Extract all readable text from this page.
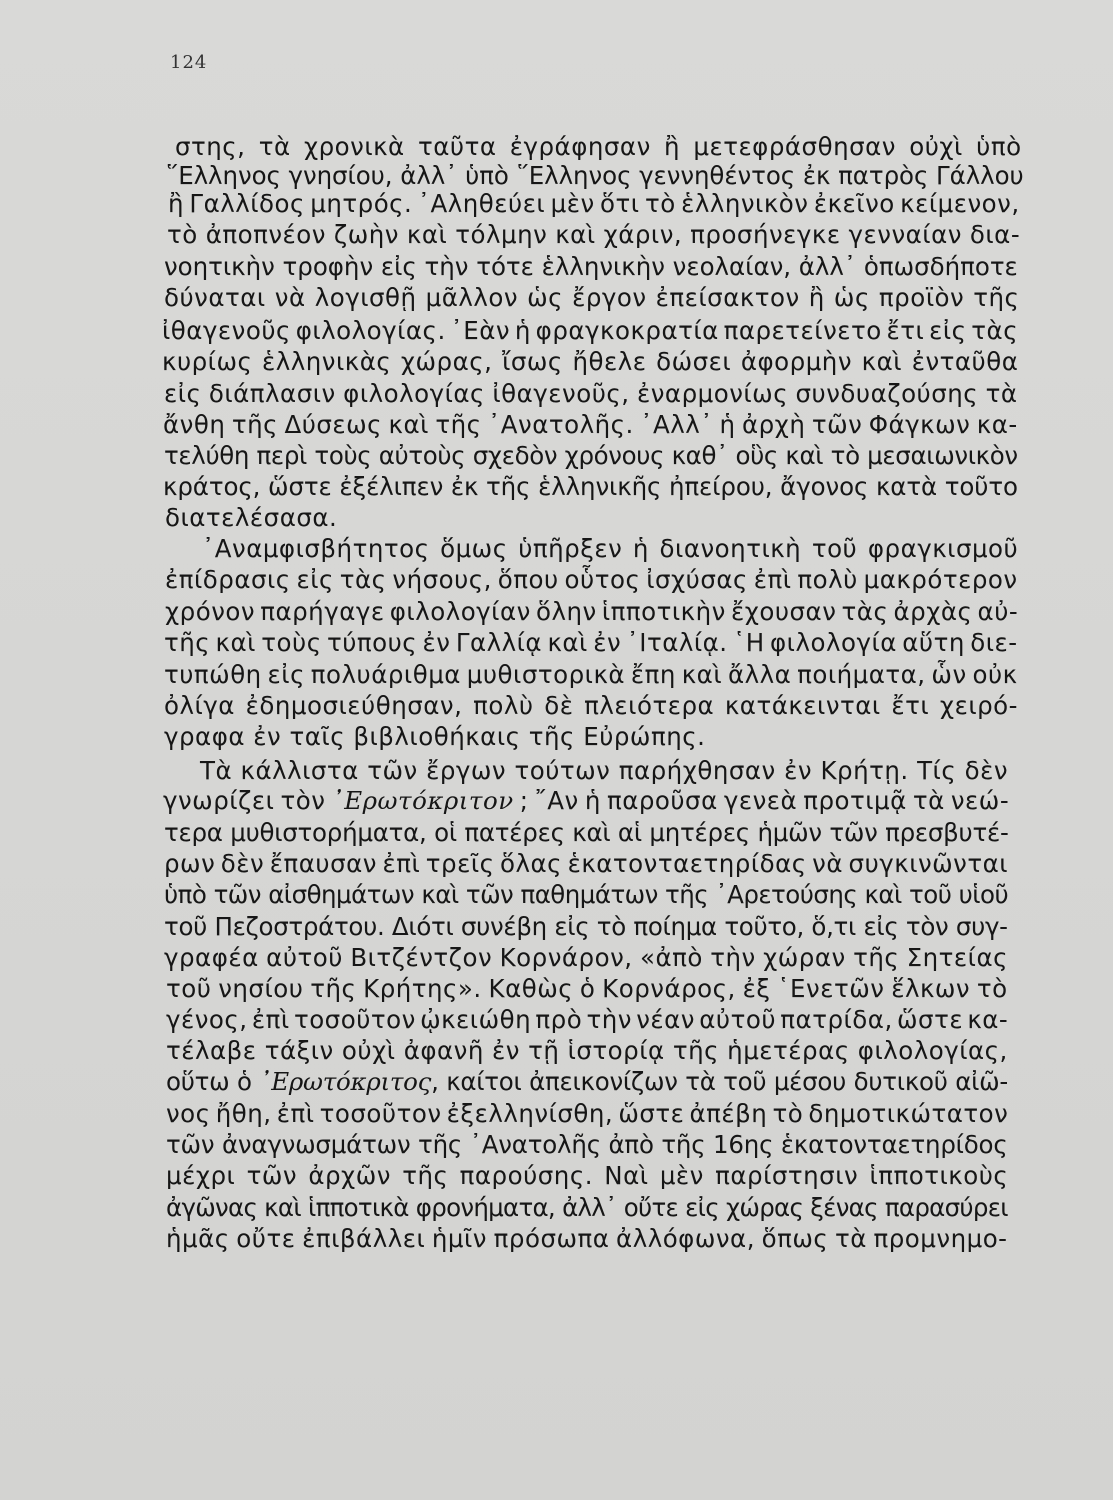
124
στης, τὰ χρονικὰ ταῦτα ἐγράφησαν ἢ μετεφράσθησαν οὐχὶ ὑπὸ
῞Ελληνος γνησίου, ἀλλ᾽ ὑπὸ ῞Ελληνος γεννηθέντος ἐκ πατρὸς Γάλλου
ἢ Γαλλίδος μητρός. ᾽Αληθεύει μὲν ὅτι τὸ ἑλληνικὸν ἐκεῖνο κείμενον,
τὸ ἀποπνέον ζωὴν καὶ τόλμην καὶ χάριν, προσήνεγκε γενναίαν δια-
νοητικὴν τροφὴν εἰς τὴν τότε ἑλληνικὴν νεολαίαν, ἀλλ᾽ ὁπωσδήποτε
δύναται νὰ λογισθῇ μᾶλλον ὡς ἔργον ἐπείσακτον ἢ ὡς προϊὸν τῆς
ἰθαγενοῦς φιλολογίας. ᾽Εὰν ἡ φραγκοκρατία παρετείνετο ἔτι εἰς τὰς
κυρίως ἑλληνικὰς χώρας, ἴσως ἤθελε δώσει ἀφορμὴν καὶ ἐνταῦθα
εἰς διάπλασιν φιλολογίας ἰθαγενοῦς, ἐναρμονίως συνδυαζούσης τὰ
ἄνθη τῆς Δύσεως καὶ τῆς ᾽Ανατολῆς. ᾽Αλλ᾽ ἡ ἀρχὴ τῶν Φάγκων κα-
τελύθη περὶ τοὺς αὐτοὺς σχεδὸν χρόνους καθ᾽ οὓς καὶ τὸ μεσαιωνικὸν
κράτος, ὥστε ἐξέλιπεν ἐκ τῆς ἑλληνικῆς ἠπείρου, ἄγονος κατὰ τοῦτο
διατελέσασα.
᾽Αναμφισβήτητος ὅμως ὑπῆρξεν ἡ διανοητικὴ τοῦ φραγκισμοῦ
ἐπίδρασις εἰς τὰς νήσους, ὅπου οὗτος ἰσχύσας ἐπὶ πολὺ μακρότερον
χρόνον παρήγαγε φιλολογίαν ὅλην ἱπποτικὴν ἔχουσαν τὰς ἀρχὰς αὐ-
τῆς καὶ τοὺς τύπους ἐν Γαλλίᾳ καὶ ἐν ᾽Ιταλίᾳ. ῾Η φιλολογία αὕτη διε-
τυπώθη εἰς πολυάριθμα μυθιστορικὰ ἔπη καὶ ἄλλα ποιήματα, ὧν οὐκ
ὀλίγα ἐδημοσιεύθησαν, πολὺ δὲ πλειότερα κατάκεινται ἔτι χειρό-
γραφα ἐν ταῖς βιβλιοθήκαις τῆς Εὐρώπης.
Τὰ κάλλιστα τῶν ἔργων τούτων παρήχθησαν ἐν Κρήτῃ. Τίς δὲν
γνωρίζει τὸν ᾽Ερωτόκριτον ; ῎Αν ἡ παροῦσα γενεὰ προτιμᾷ τὰ νεώ-
τερα μυθιστορήματα, οἱ πατέρες καὶ αἱ μητέρες ἡμῶν τῶν πρεσβυτέ-
ρων δὲν ἔπαυσαν ἐπὶ τρεῖς ὅλας ἑκατονταετηρίδας νὰ συγκινῶνται
ὑπὸ τῶν αἰσθημάτων καὶ τῶν παθημάτων τῆς ᾽Αρετούσης καὶ τοῦ υἱοῦ
τοῦ Πεζοστράτου. Διότι συνέβη εἰς τὸ ποίημα τοῦτο, ὅ,τι εἰς τὸν συγ-
γραφέα αὐτοῦ Βιτζέντζον Κορνάρον, «ἀπὸ τὴν χώραν τῆς Σητείας
τοῦ νησίου τῆς Κρήτης». Καθὼς ὁ Κορνάρος, ἐξ ῾Ενετῶν ἕλκων τὸ
γένος, ἐπὶ τοσοῦτον ᾠκειώθη πρὸ τὴν νέαν αὐτοῦ πατρίδα, ὥστε κα-
τέλαβε τάξιν οὐχὶ ἀφανῆ ἐν τῇ ἱστορίᾳ τῆς ἡμετέρας φιλολογίας,
οὕτω ὁ ᾽Ερωτόκριτος, καίτοι ἀπεικονίζων τὰ τοῦ μέσου δυτικοῦ αἰῶ-
νος ἤθη, ἐπὶ τοσοῦτον ἐξελληνίσθη, ὥστε ἀπέβη τὸ δημοτικώτατον
τῶν ἀναγνωσμάτων τῆς ᾽Ανατολῆς ἀπὸ τῆς 16ης ἑκατονταετηρίδος
μέχρι τῶν ἀρχῶν τῆς παρούσης. Ναὶ μὲν παρίστησιν ἱπποτικοὺς
ἀγῶνας καὶ ἱπποτικὰ φρονήματα, ἀλλ᾽ οὔτε εἰς χώρας ξένας παρασύρει
ἡμᾶς οὔτε ἐπιβάλλει ἡμῖν πρόσωπα ἀλλόφωνα, ὅπως τὰ προμνημο-
